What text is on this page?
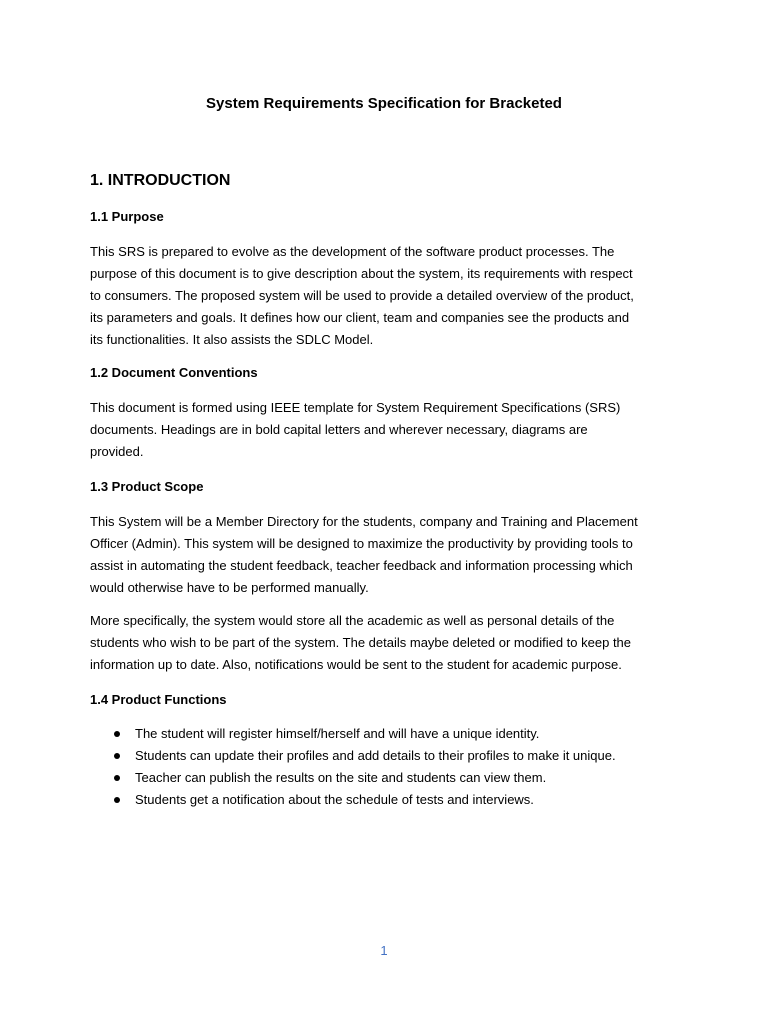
System Requirements Specification for Bracketed
1. INTRODUCTION
1.1 Purpose

This SRS is prepared to evolve as the development of the software product processes. The
purpose of this document is to give description about the system, its requirements with respect
to consumers. The proposed system will be used to provide a detailed overview of the product,
its parameters and goals. It defines how our client, team and companies see the products and
its functionalities. It also assists the SDLC Model.

1.2 Document Conventions

This document is formed using IEEE template for System Requirement Specifications (SRS)
documents. Headings are in bold capital letters and wherever necessary, diagrams are
provided.

1.3 Product Scope

This System will be a Member Directory for the students, company and Training and Placement
Officer (Admin). This system will be designed to maximize the productivity by providing tools to
assist in automating the student feedback, teacher feedback and information processing which
would otherwise have to be performed manually.

More specifically, the system would store all the academic as well as personal details of the
students who wish to be part of the system. The details maybe deleted or modified to keep the
information up to date. Also, notifications would be sent to the student for academic purpose.

1.4 Product Functions
The student will register himself/herself and will have a unique identity.
Students can update their profiles and add details to their profiles to make it unique.
Teacher can publish the results on the site and students can view them.
Students get a notification about the schedule of tests and interviews.
1
